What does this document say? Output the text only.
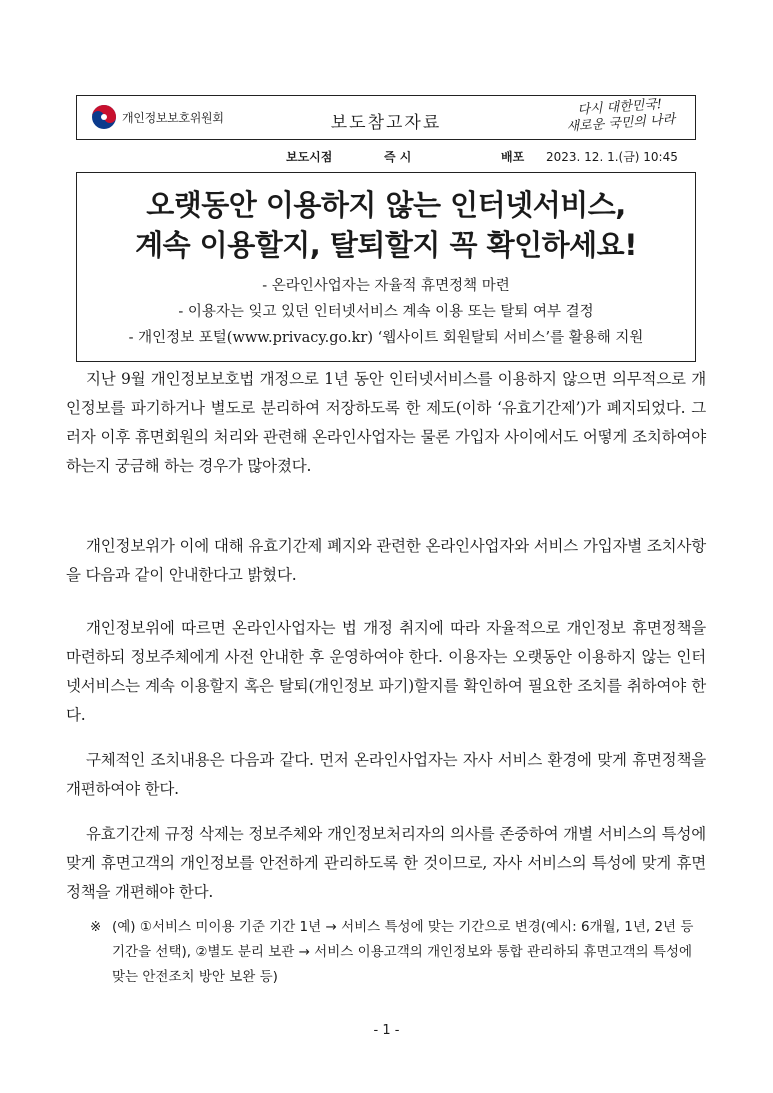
개인정보보호위원회	보도참고자료
다시 대한민국!
새로운 국민의 나라
보도시점	즉 시	배포 2023. 12. 1.(금) 10:45
오랫동안 이용하지 않는 인터넷서비스,
계속 이용할지, 탈퇴할지 꼭 확인하세요!
- 온라인사업자는 자율적 휴면정책 마련
- 이용자는 잊고 있던 인터넷서비스 계속 이용 또는 탈퇴 여부 결정
- 개인정보 포털(www.privacy.go.kr) ‘웹사이트 회원탈퇴 서비스’를 활용해 지원

지난 9월 개인정보보호법 개정으로 1년 동안 인터넷서비스를 이용하지 않으면 의무적으로 개인정보를 파기하거나 별도로 분리하여 저장하도록 한 제도(이하 ‘유효기간제’)가 폐지되었다. 그러자 이후 휴면회원의 처리와 관련해 온라인사업자는 물론 가입자 사이에서도 어떻게 조치하여야 하는지 궁금해 하는 경우가 많아졌다.

개인정보위가 이에 대해 유효기간제 폐지와 관련한 온라인사업자와 서비스 가입자별 조치사항을 다음과 같이 안내한다고 밝혔다.

개인정보위에 따르면 온라인사업자는 법 개정 취지에 따라 자율적으로 개인정보 휴면정책을 마련하되 정보주체에게 사전 안내한 후 운영하여야 한다. 이용자는 오랫동안 이용하지 않는 인터넷서비스는 계속 이용할지 혹은 탈퇴(개인정보 파기)할지를 확인하여 필요한 조치를 취하여야 한다.

구체적인 조치내용은 다음과 같다. 먼저 온라인사업자는 자사 서비스 환경에 맞게 휴면정책을 개편하여야 한다.

유효기간제 규정 삭제는 정보주체와 개인정보처리자의 의사를 존중하여 개별 서비스의 특성에 맞게 휴면고객의 개인정보를 안전하게 관리하도록 한 것이므로, 자사 서비스의 특성에 맞게 휴면정책을 개편해야 한다.

※ (예) ①서비스 미이용 기준 기간 1년 → 서비스 특성에 맞는 기간으로 변경(예시: 6개월, 1년, 2년 등 기간을 선택), ②별도 분리 보관 → 서비스 이용고객의 개인정보와 통합 관리하되 휴면고객의 특성에 맞는 안전조치 방안 보완 등)
- 1 -
